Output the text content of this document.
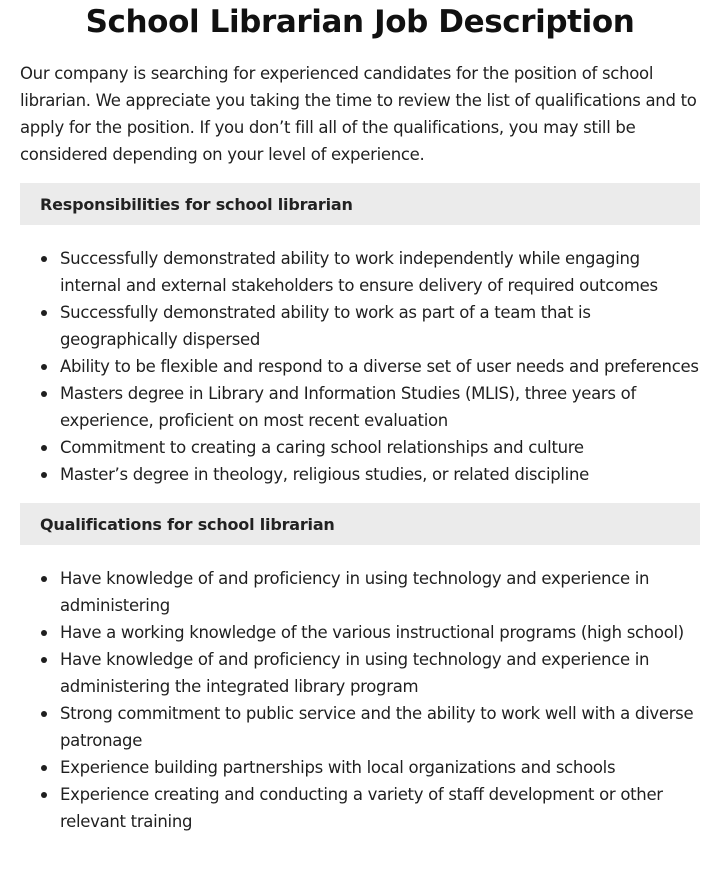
School Librarian Job Description

Our company is searching for experienced candidates for the position of school librarian. We appreciate you taking the time to review the list of qualifications and to apply for the position. If you don’t fill all of the qualifications, you may still be considered depending on your level of experience.

Responsibilities for school librarian
Successfully demonstrated ability to work independently while engaging internal and external stakeholders to ensure delivery of required outcomes
Successfully demonstrated ability to work as part of a team that is geographically dispersed
Ability to be flexible and respond to a diverse set of user needs and preferences
Masters degree in Library and Information Studies (MLIS), three years of experience, proficient on most recent evaluation
Commitment to creating a caring school relationships and culture
Master’s degree in theology, religious studies, or related discipline
Qualifications for school librarian
Have knowledge of and proficiency in using technology and experience in administering
Have a working knowledge of the various instructional programs (high school)
Have knowledge of and proficiency in using technology and experience in administering the integrated library program
Strong commitment to public service and the ability to work well with a diverse patronage
Experience building partnerships with local organizations and schools
Experience creating and conducting a variety of staff development or other relevant training
